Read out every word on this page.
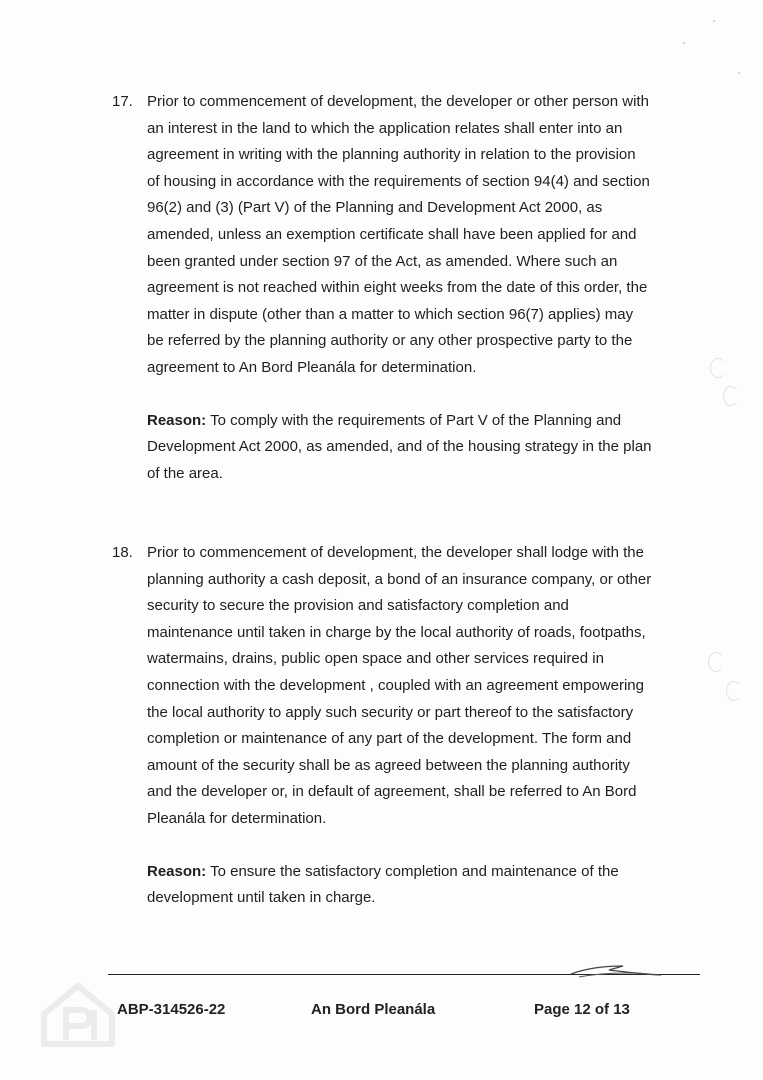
17. Prior to commencement of development, the developer or other person with an interest in the land to which the application relates shall enter into an agreement in writing with the planning authority in relation to the provision of housing in accordance with the requirements of section 94(4) and section 96(2) and (3) (Part V) of the Planning and Development Act 2000, as amended, unless an exemption certificate shall have been applied for and been granted under section 97 of the Act, as amended. Where such an agreement is not reached within eight weeks from the date of this order, the matter in dispute (other than a matter to which section 96(7) applies) may be referred by the planning authority or any other prospective party to the agreement to An Bord Pleanála for determination.

Reason: To comply with the requirements of Part V of the Planning and Development Act 2000, as amended, and of the housing strategy in the plan of the area.

18. Prior to commencement of development, the developer shall lodge with the planning authority a cash deposit, a bond of an insurance company, or other security to secure the provision and satisfactory completion and maintenance until taken in charge by the local authority of roads, footpaths, watermains, drains, public open space and other services required in connection with the development , coupled with an agreement empowering the local authority to apply such security or part thereof to the satisfactory completion or maintenance of any part of the development. The form and amount of the security shall be as agreed between the planning authority and the developer or, in default of agreement, shall be referred to An Bord Pleanála for determination.

Reason: To ensure the satisfactory completion and maintenance of the development until taken in charge.

ABP-314526-22	An Bord Pleanála	Page 12 of 13
